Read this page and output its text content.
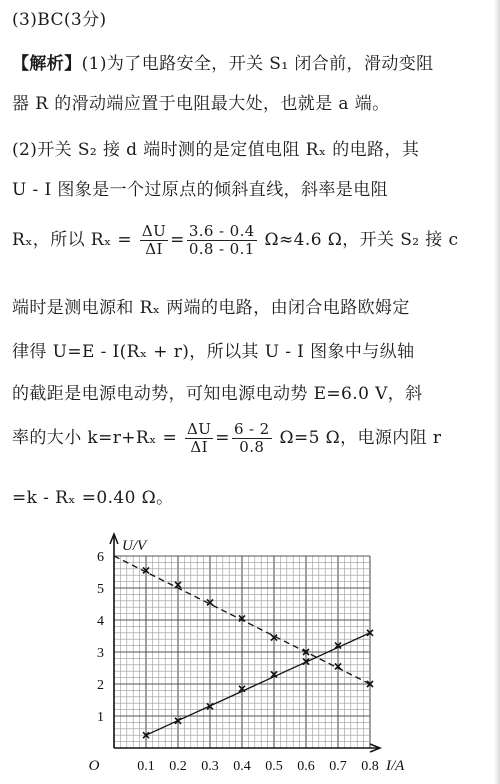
(3)BC(3分)
【解析】(1)为了电路安全，开关 S₁ 闭合前，滑动变阻
器 R 的滑动端应置于电阻最大处，也就是 a 端。
(2)开关 S₂ 接 d 端时测的是定值电阻 Rₓ 的电路，其
U - I 图象是一个过原点的倾斜直线，斜率是电阻
Rₓ，所以 $R_x = \frac{\Delta U}{\Delta I} = \frac{3.6 - 0.4}{0.8 - 0.1} \Omega\approx 4.6$ Ω，开关 S₂ 接 c
端时是测电源和 Rₓ 两端的电路，由闭合电路欧姆定
律得 U=E - I(Rₓ + r)，所以其 U - I 图象中与纵轴
的截距是电源电动势，可知电源电动势 E=6.0 V，斜
率的大小 $k=r+R_x = \frac{\Delta U}{\Delta I} = \frac{6 - 2}{0.8} \Omega=5$ Ω，电源内阻 r
=k - Rₓ =0.40 Ω。
0.1 0.2 0.3 0.4 0.5 0.6 0.7 0.8
1
2
3
4
5
6
O
U/V
I/A
